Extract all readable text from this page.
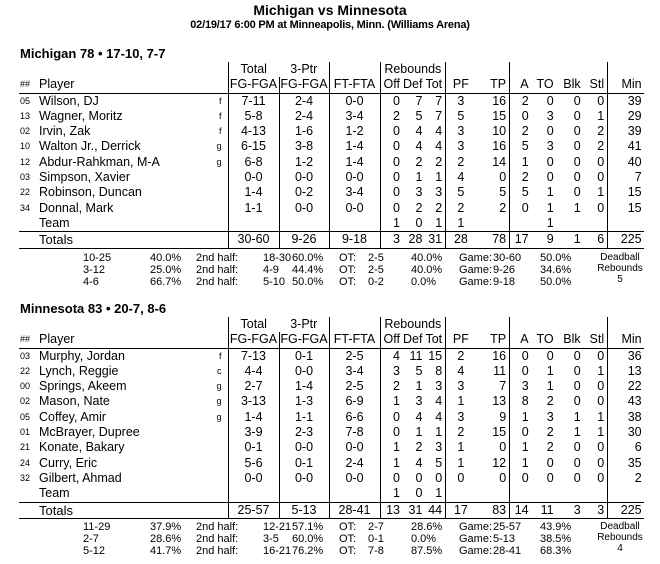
Michigan vs Minnesota
02/19/17 6:00 PM at Minneapolis, Minn. (Williams Arena)
Michigan 78 • 17-10, 7-7
			Total	3-Ptr		Rebounds									
##	Player		FG-FGA	FG-FGA	FT-FTA	Off	Def	Tot	PF	TP	A	TO	Blk	Stl	Min
05	Wilson, DJ	f	7-11	2-4	0-0	0	7	7	3	16	2	0	0	0	39
13	Wagner, Moritz	f	5-8	2-4	3-4	2	5	7	5	15	0	3	0	1	29
02	Irvin, Zak	f	4-13	1-6	1-2	0	4	4	3	10	2	0	0	2	39
10	Walton Jr., Derrick	g	6-15	3-8	1-4	0	4	4	3	16	5	3	0	2	41
12	Abdur-Rahkman, M-A	g	6-8	1-2	1-4	0	2	2	2	14	1	0	0	0	40
03	Simpson, Xavier		0-0	0-0	0-0	0	1	1	4	0	2	0	0	0	7
22	Robinson, Duncan		1-4	0-2	3-4	0	3	3	5	5	5	1	0	1	15
34	Donnal, Mark		1-1	0-0	0-0	0	2	2	2	2	0	1	1	0	15
	Team					1	0	1	1			1			
	Totals		30-60	9-26	9-18	3	28	31	28	78	17	9	1	6	225
10-25	40.0% 2nd half: 18-30 60.0% OT: 2-5 40.0% Game: 30-60 50.0%
3-12	25.0% 2nd half: 4-9 44.4% OT: 2-5 40.0% Game: 9-26 34.6%
4-6	66.7% 2nd half: 5-10 50.0% OT: 0-2 0.0% Game: 9-18 50.0%
Deadball
Rebounds
5
Minnesota 83 • 20-7, 8-6
			Total	3-Ptr		Rebounds									
##	Player		FG-FGA	FG-FGA	FT-FTA	Off	Def	Tot	PF	TP	A	TO	Blk	Stl	Min
03	Murphy, Jordan	f	7-13	0-1	2-5	4	11	15	2	16	0	0	0	0	36
22	Lynch, Reggie	c	4-4	0-0	3-4	3	5	8	4	11	0	1	0	1	13
00	Springs, Akeem	g	2-7	1-4	2-5	2	1	3	3	7	3	1	0	0	22
02	Mason, Nate	g	3-13	1-3	6-9	1	3	4	1	13	8	2	0	0	43
05	Coffey, Amir	g	1-4	1-1	6-6	0	4	4	3	9	1	3	1	1	38
01	McBrayer, Dupree		3-9	2-3	7-8	0	1	1	2	15	0	2	1	1	30
21	Konate, Bakary		0-1	0-0	0-0	1	2	3	1	0	1	2	0	0	6
24	Curry, Eric		5-6	0-1	2-4	1	4	5	1	12	1	0	0	0	35
32	Gilbert, Ahmad		0-0	0-0	0-0	0	0	0	0	0	0	0	0	0	2
	Team					1	0	1							
	Totals		25-57	5-13	28-41	13	31	44	17	83	14	11	3	3	225
11-29	37.9% 2nd half: 12-21 57.1% OT: 2-7 28.6% Game: 25-57 43.9%
2-7	28.6% 2nd half: 3-5 60.0% OT: 0-1 0.0% Game: 5-13 38.5%
5-12	41.7% 2nd half: 16-21 76.2% OT: 7-8 87.5% Game: 28-41 68.3%
Deadball
Rebounds
4
